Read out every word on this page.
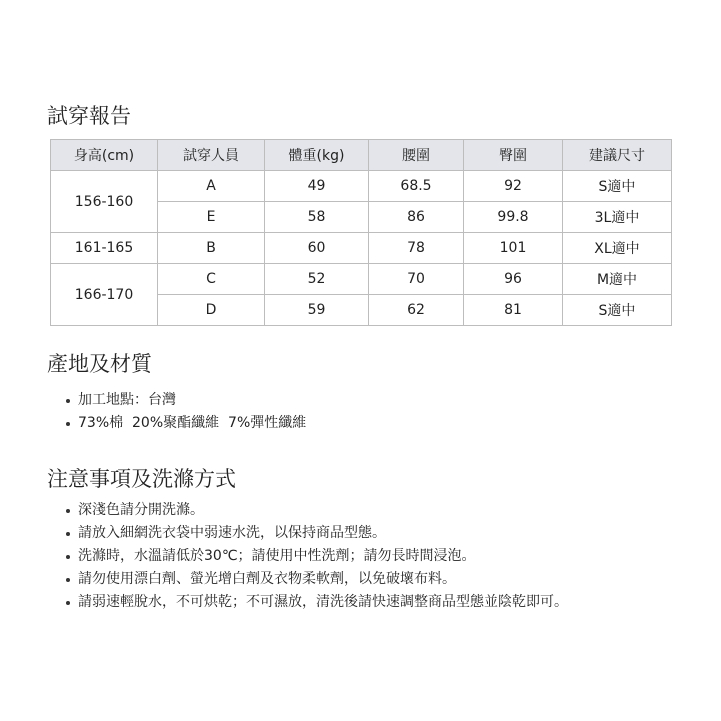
試穿報告
身高(cm)	試穿人員	體重(kg)	腰圍	臀圍	建議尺寸
156-160	A	49	68.5	92	S適中
	E	58	86	99.8	3L適中
161-165	B	60	78	101	XL適中
166-170	C	52	70	96	M適中
	D	59	62	81	S適中
產地及材質
加工地點：台灣
73%棉  20%聚酯纖維  7%彈性纖維
注意事項及洗滌方式
深淺色請分開洗滌。
請放入細網洗衣袋中弱速水洗，以保持商品型態。
洗滌時，水溫請低於30℃；請使用中性洗劑；請勿長時間浸泡。
請勿使用漂白劑、螢光增白劑及衣物柔軟劑，以免破壞布料。
請弱速輕脫水，不可烘乾；不可濕放，清洗後請快速調整商品型態並陰乾即可。
